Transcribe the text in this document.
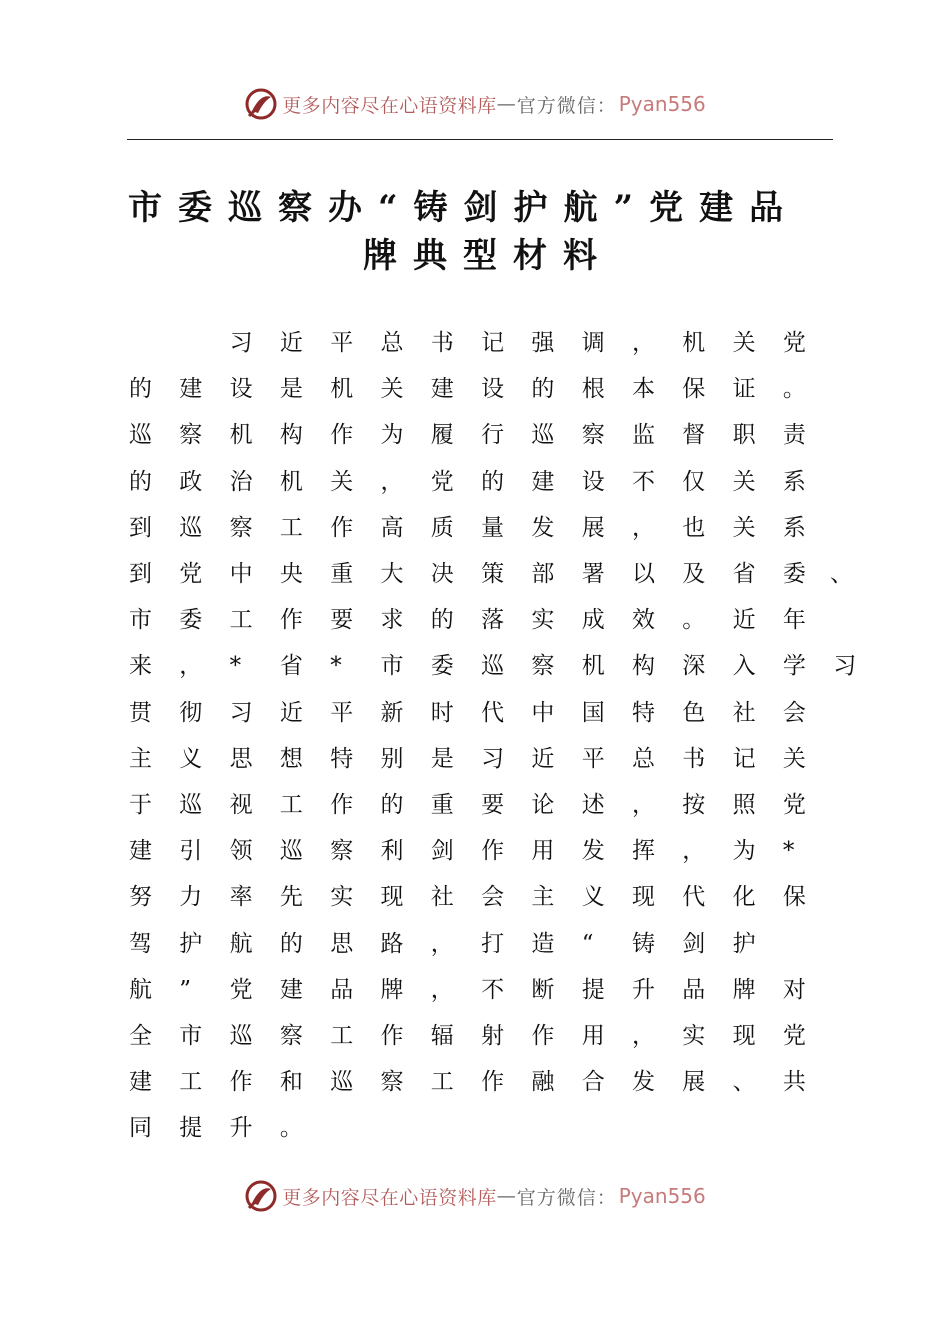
更多内容尽在心语资料库 — 官方微信： Pyan556
市委巡察办“铸剑护航”党建品
牌典型材料

习 近 平 总 书 记 强 调 ， 机 关 党
的 建 设 是 机 关 建 设 的 根 本 保 证 。
巡 察 机 构 作 为 履 行 巡 察 监 督 职 责
的 政 治 机 关 ， 党 的 建 设 不 仅 关 系
到 巡 察 工 作 高 质 量 发 展 ， 也 关 系
到 党 中 央 重 大 决 策 部 署 以 及 省 委
市 委 工 作 要 求 的 落 实 成 效 。 近 年
来 ， * 省 * 市 委 巡 察 机 构 深 入 学 习
贯 彻 习 近 平 新 时 代 中 国 特 色 社 会
主 义 思 想 特 别 是 习 近 平 总 书 记 关
于 巡 视 工 作 的 重 要 论 述 ， 按 照 党
建 引 领 巡 察 利 剑 作 用 发 挥 ， 为 *
努 力 率 先 实 现 社 会 主 义 现 代 化 保
驾 护 航 的 思 路 ， 打 造 “ 铸 剑 护
航 ” 党 建 品 牌 ， 不 断 提 升 品 牌 对
全 市 巡 察 工 作 辐 射 作 用 ， 实 现 党
建 工 作 和 巡 察 工 作 融 合 发 展 、 共
同 提 升 。
、
更多内容尽在心语资料库 — 官方微信： Pyan556
